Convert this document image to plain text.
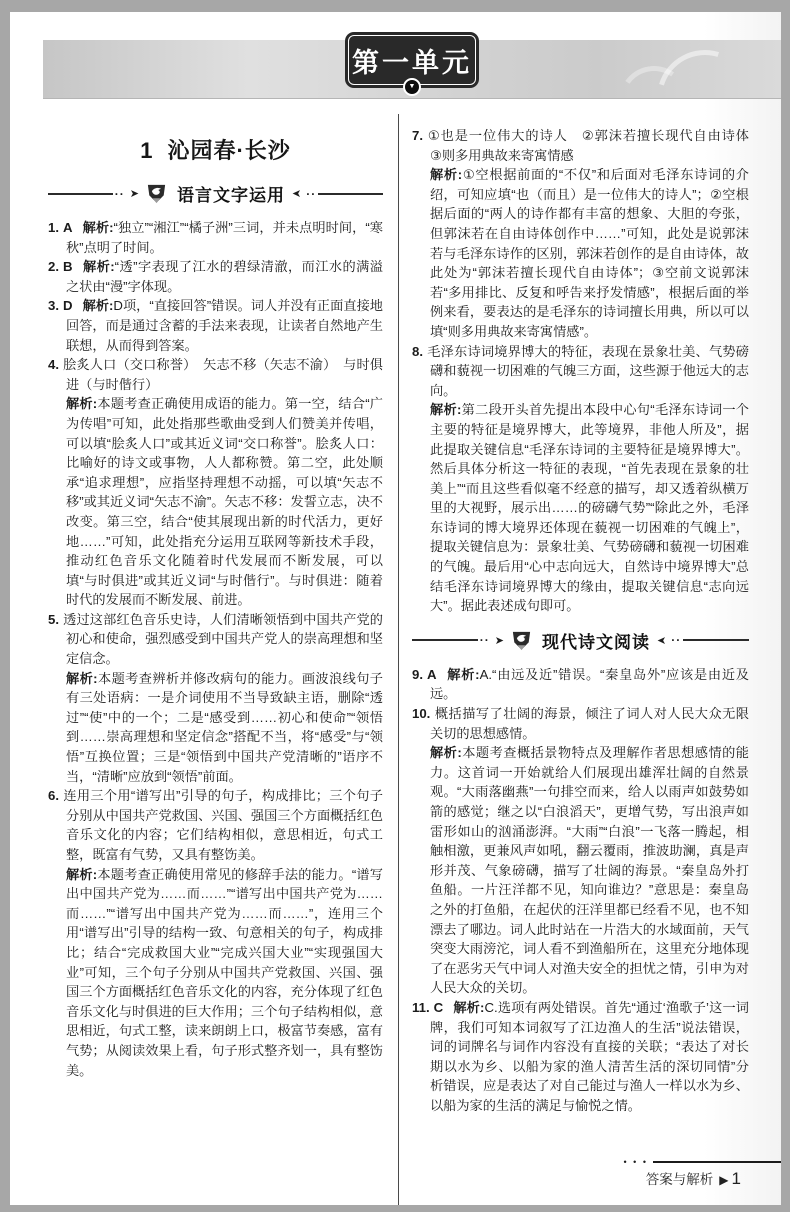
第一单元
▼
1 沁园春·长沙
·· ➤ 语言文字运用 ➤ ··

1. A 解析:“独立”“湘江”“橘子洲”三词，并未点明时间，“寒秋”点明了时间。

2. B 解析:“透”字表现了江水的碧绿清澈，而江水的满溢之状由“漫”字体现。

3. D 解析:D项，“直接回答”错误。词人并没有正面直接地回答，而是通过含蓄的手法来表现，让读者自然地产生联想，从而得到答案。

4. 脍炙人口（交口称誉）　矢志不移（矢志不渝）　与时俱进（与时偕行）

解析:本题考查正确使用成语的能力。第一空，结合“广为传唱”可知，此处指那些歌曲受到人们赞美并传唱，可以填“脍炙人口”或其近义词“交口称誉”。脍炙人口：比喻好的诗文或事物，人人都称赞。第二空，此处顺承“追求理想”，应指坚持理想不动摇，可以填“矢志不移”或其近义词“矢志不渝”。矢志不移：发誓立志，决不改变。第三空，结合“使其展现出新的时代活力，更好地……”可知，此处指充分运用互联网等新技术手段，推动红色音乐文化随着时代发展而不断发展，可以填“与时俱进”或其近义词“与时偕行”。与时俱进：随着时代的发展而不断发展、前进。

5. 透过这部红色音乐史诗，人们清晰领悟到中国共产党的初心和使命，强烈感受到中国共产党人的崇高理想和坚定信念。

解析:本题考查辨析并修改病句的能力。画波浪线句子有三处语病：一是介词使用不当导致缺主语，删除“透过”“使”中的一个；二是“感受到……初心和使命”“领悟到……崇高理想和坚定信念”搭配不当，将“感受”与“领悟”互换位置；三是“领悟到中国共产党清晰的”语序不当，“清晰”应放到“领悟”前面。

6. 连用三个用“谱写出”引导的句子，构成排比；三个句子分别从中国共产党救国、兴国、强国三个方面概括红色音乐文化的内容；它们结构相似，意思相近，句式工整，既富有气势，又具有整饬美。

解析:本题考查正确使用常见的修辞手法的能力。“谱写出中国共产党为……而……”“谱写出中国共产党为……而……”“谱写出中国共产党为……而……”，连用三个用“谱写出”引导的结构一致、句意相关的句子，构成排比；结合“完成救国大业”“完成兴国大业”“实现强国大业”可知，三个句子分别从中国共产党救国、兴国、强国三个方面概括红色音乐文化的内容，充分体现了红色音乐文化与时俱进的巨大作用；三个句子结构相似，意思相近，句式工整，读来朗朗上口，极富节奏感，富有气势；从阅读效果上看，句子形式整齐划一，具有整饬美。

7. ①也是一位伟大的诗人　②郭沫若擅长现代自由诗体　③则多用典故来寄寓情感

解析:①空根据前面的“不仅”和后面对毛泽东诗词的介绍，可知应填“也（而且）是一位伟大的诗人”；②空根据后面的“两人的诗作都有丰富的想象、大胆的夸张，但郭沫若在自由诗体创作中……”可知，此处是说郭沫若与毛泽东诗作的区别，郭沫若创作的是自由诗体，故此处为“郭沫若擅长现代自由诗体”；③空前文说郭沫若“多用排比、反复和呼告来抒发情感”，根据后面的举例来看，要表达的是毛泽东的诗词擅长用典，所以可以填“则多用典故来寄寓情感”。

8. 毛泽东诗词境界博大的特征，表现在景象壮美、气势磅礴和藐视一切困难的气魄三方面，这些源于他远大的志向。

解析:第二段开头首先提出本段中心句“毛泽东诗词一个主要的特征是境界博大，此等境界，非他人所及”，据此提取关键信息“毛泽东诗词的主要特征是境界博大”。然后具体分析这一特征的表现，“首先表现在景象的壮美上”“而且这些看似毫不经意的描写，却又透着纵横万里的大视野，展示出……的磅礴气势”“除此之外，毛泽东诗词的博大境界还体现在藐视一切困难的气魄上”，提取关键信息为：景象壮美、气势磅礴和藐视一切困难的气魄。最后用“心中志向远大，自然诗中境界博大”总结毛泽东诗词境界博大的缘由，提取关键信息“志向远大”。据此表述成句即可。

·· ➤ 现代诗文阅读 ➤ ··

9. A 解析:A.“由远及近”错误。“秦皇岛外”应该是由近及远。

10. 概括描写了壮阔的海景，倾注了词人对人民大众无限关切的思想感情。

解析:本题考查概括景物特点及理解作者思想感情的能力。这首词一开始就给人们展现出雄浑壮阔的自然景观。“大雨落幽燕”一句排空而来，给人以雨声如鼓势如箭的感觉；继之以“白浪滔天”，更增气势，写出浪声如雷形如山的汹涌澎湃。“大雨”“白浪”一飞落一腾起，相触相激，更兼风声如吼，翻云覆雨，推波助澜，真是声形并茂、气象磅礴，描写了壮阔的海景。“秦皇岛外打鱼船。一片汪洋都不见，知向谁边？”意思是：秦皇岛之外的打鱼船，在起伏的汪洋里都已经看不见，也不知漂去了哪边。词人此时站在一片浩大的水域面前，天气突变大雨滂沱，词人看不到渔船所在，这里充分地体现了在恶劣天气中词人对渔夫安全的担忧之情，引申为对人民大众的关切。

11. C 解析:C.选项有两处错误。首先“通过‘渔歌子’这一词牌，我们可知本词叙写了江边渔人的生活”说法错误，词的词牌名与词作内容没有直接的关联；“表达了对长期以水为乡、以船为家的渔人清苦生活的深切同情”分析错误，应是表达了对自己能过与渔人一样以水为乡、以船为家的生活的满足与愉悦之情。

• • •
答案与解析 ▶ 1
